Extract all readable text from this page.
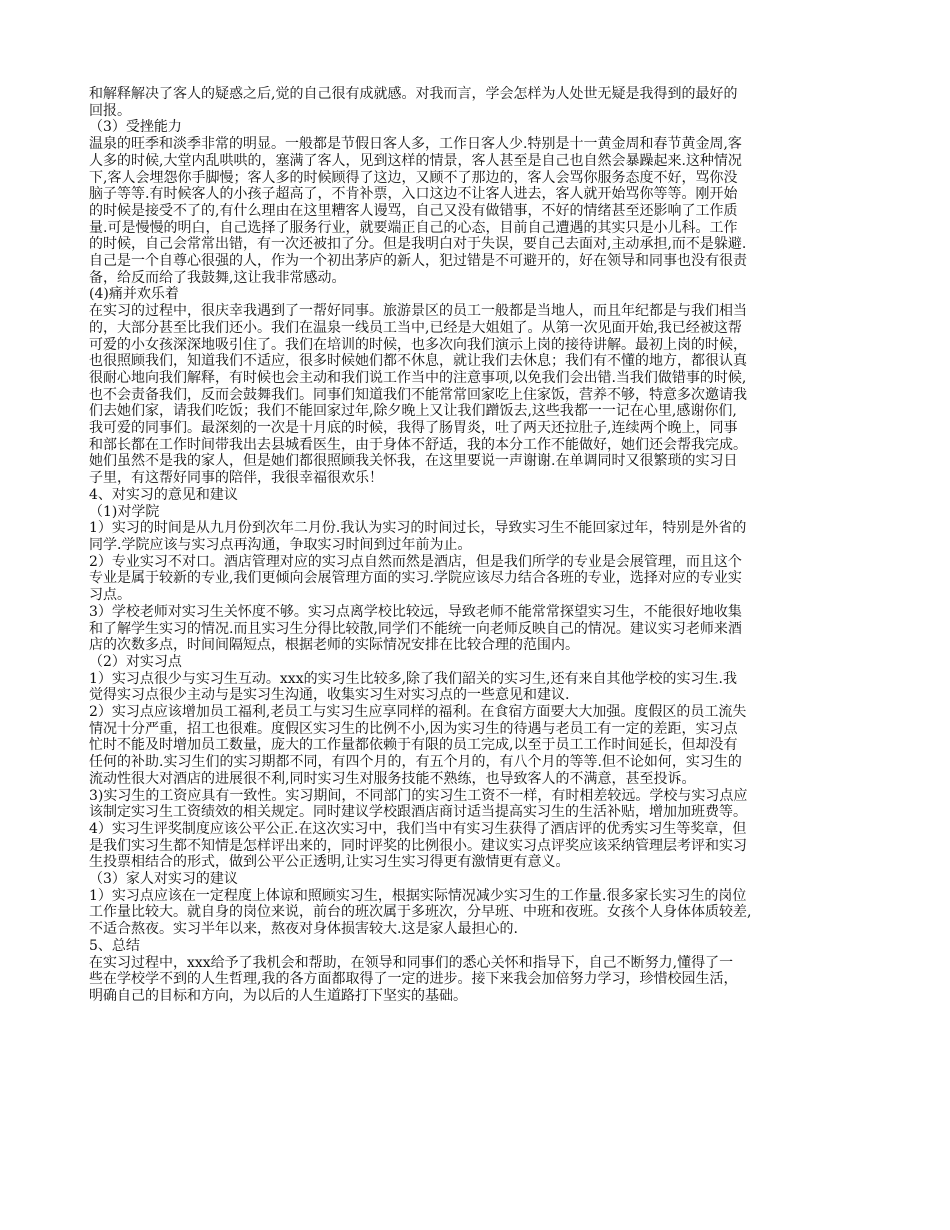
和解释解决了客人的疑惑之后,觉的自己很有成就感。对我而言，学会怎样为人处世无疑是我得到的最好的
回报。
（3）受挫能力
温泉的旺季和淡季非常的明显。一般都是节假日客人多，工作日客人少.特别是十一黄金周和春节黄金周,客
人多的时候,大堂内乱哄哄的，塞满了客人，见到这样的情景，客人甚至是自己也自然会暴躁起来.这种情况
下,客人会埋怨你手脚慢；客人多的时候顾得了这边，又顾不了那边的，客人会骂你服务态度不好，骂你没
脑子等等.有时候客人的小孩子超高了，不肯补票，入口这边不让客人进去，客人就开始骂你等等。刚开始
的时候是接受不了的,有什么理由在这里糟客人谩骂，自己又没有做错事，不好的情绪甚至还影响了工作质
量.可是慢慢的明白，自己选择了服务行业，就要端正自己的心态，目前自己遭遇的其实只是小儿科。工作
的时候，自己会常常出错，有一次还被扣了分。但是我明白对于失误，要自己去面对,主动承担,而不是躲避.
自己是一个自尊心很强的人，作为一个初出茅庐的新人，犯过错是不可避开的，好在领导和同事也没有很责
备，给反而给了我鼓舞,这让我非常感动。
(4)痛并欢乐着
在实习的过程中，很庆幸我遇到了一帮好同事。旅游景区的员工一般都是当地人，而且年纪都是与我们相当
的，大部分甚至比我们还小。我们在温泉一线员工当中,已经是大姐姐了。从第一次见面开始,我已经被这帮
可爱的小女孩深深地吸引住了。我们在培训的时候，也多次向我们演示上岗的接待讲解。最初上岗的时候，
也很照顾我们，知道我们不适应，很多时候她们都不休息，就让我们去休息；我们有不懂的地方，都很认真
很耐心地向我们解释，有时候也会主动和我们说工作当中的注意事项,以免我们会出错.当我们做错事的时候,
也不会责备我们，反而会鼓舞我们。同事们知道我们不能常常回家吃上住家饭，营养不够，特意多次邀请我
们去她们家，请我们吃饭；我们不能回家过年,除夕晚上又让我们蹭饭去,这些我都一一记在心里,感谢你们,
我可爱的同事们。最深刻的一次是十月底的时候，我得了肠胃炎，吐了两天还拉肚子,连续两个晚上，同事
和部长都在工作时间带我出去县城看医生，由于身体不舒适，我的本分工作不能做好，她们还会帮我完成。
她们虽然不是我的家人，但是她们都很照顾我关怀我，在这里要说一声谢谢.在单调同时又很繁琐的实习日
子里，有这帮好同事的陪伴，我很幸福很欢乐！
4、对实习的意见和建议
（1)对学院
1）实习的时间是从九月份到次年二月份.我认为实习的时间过长，导致实习生不能回家过年，特别是外省的
同学.学院应该与实习点再沟通，争取实习时间到过年前为止。
2）专业实习不对口。酒店管理对应的实习点自然而然是酒店，但是我们所学的专业是会展管理，而且这个
专业是属于较新的专业,我们更倾向会展管理方面的实习.学院应该尽力结合各班的专业，选择对应的专业实
习点。
3）学校老师对实习生关怀度不够。实习点离学校比较远，导致老师不能常常探望实习生，不能很好地收集
和了解学生实习的情况.而且实习生分得比较散,同学们不能统一向老师反映自己的情况。建议实习老师来酒
店的次数多点，时间间隔短点，根据老师的实际情况安排在比较合理的范围内。
（2）对实习点
1）实习点很少与实习生互动。xxx的实习生比较多,除了我们韶关的实习生,还有来自其他学校的实习生.我
觉得实习点很少主动与是实习生沟通，收集实习生对实习点的一些意见和建议.
2）实习点应该增加员工福利,老员工与实习生应享同样的福利。在食宿方面要大大加强。度假区的员工流失
情况十分严重，招工也很难。度假区实习生的比例不小,因为实习生的待遇与老员工有一定的差距，实习点
忙时不能及时增加员工数量，庞大的工作量都依赖于有限的员工完成,以至于员工工作时间延长，但却没有
任何的补助.实习生们的实习期都不同，有四个月的，有五个月的，有八个月的等等.但不论如何，实习生的
流动性很大对酒店的进展很不利,同时实习生对服务技能不熟练，也导致客人的不满意，甚至投诉。
3)实习生的工资应具有一致性。实习期间，不同部门的实习生工资不一样，有时相差较远。学校与实习点应
该制定实习生工资绩效的相关规定。同时建议学校跟酒店商讨适当提高实习生的生活补贴，增加加班费等。
4）实习生评奖制度应该公平公正.在这次实习中，我们当中有实习生获得了酒店评的优秀实习生等奖章，但
是我们实习生都不知情是怎样评出来的，同时评奖的比例很小。建议实习点评奖应该采纳管理层考评和实习
生投票相结合的形式，做到公平公正透明,让实习生实习得更有激情更有意义。
（3）家人对实习的建议
1）实习点应该在一定程度上体谅和照顾实习生，根据实际情况减少实习生的工作量.很多家长实习生的岗位
工作量比较大。就自身的岗位来说，前台的班次属于多班次，分早班、中班和夜班。女孩个人身体体质较差,
不适合熬夜。实习半年以来，熬夜对身体损害较大.这是家人最担心的.
5、总结
在实习过程中，xxx给予了我机会和帮助，在领导和同事们的悉心关怀和指导下，自己不断努力,懂得了一
些在学校学不到的人生哲理,我的各方面都取得了一定的进步。接下来我会加倍努力学习，珍惜校园生活，
明确自己的目标和方向，为以后的人生道路打下坚实的基础。
